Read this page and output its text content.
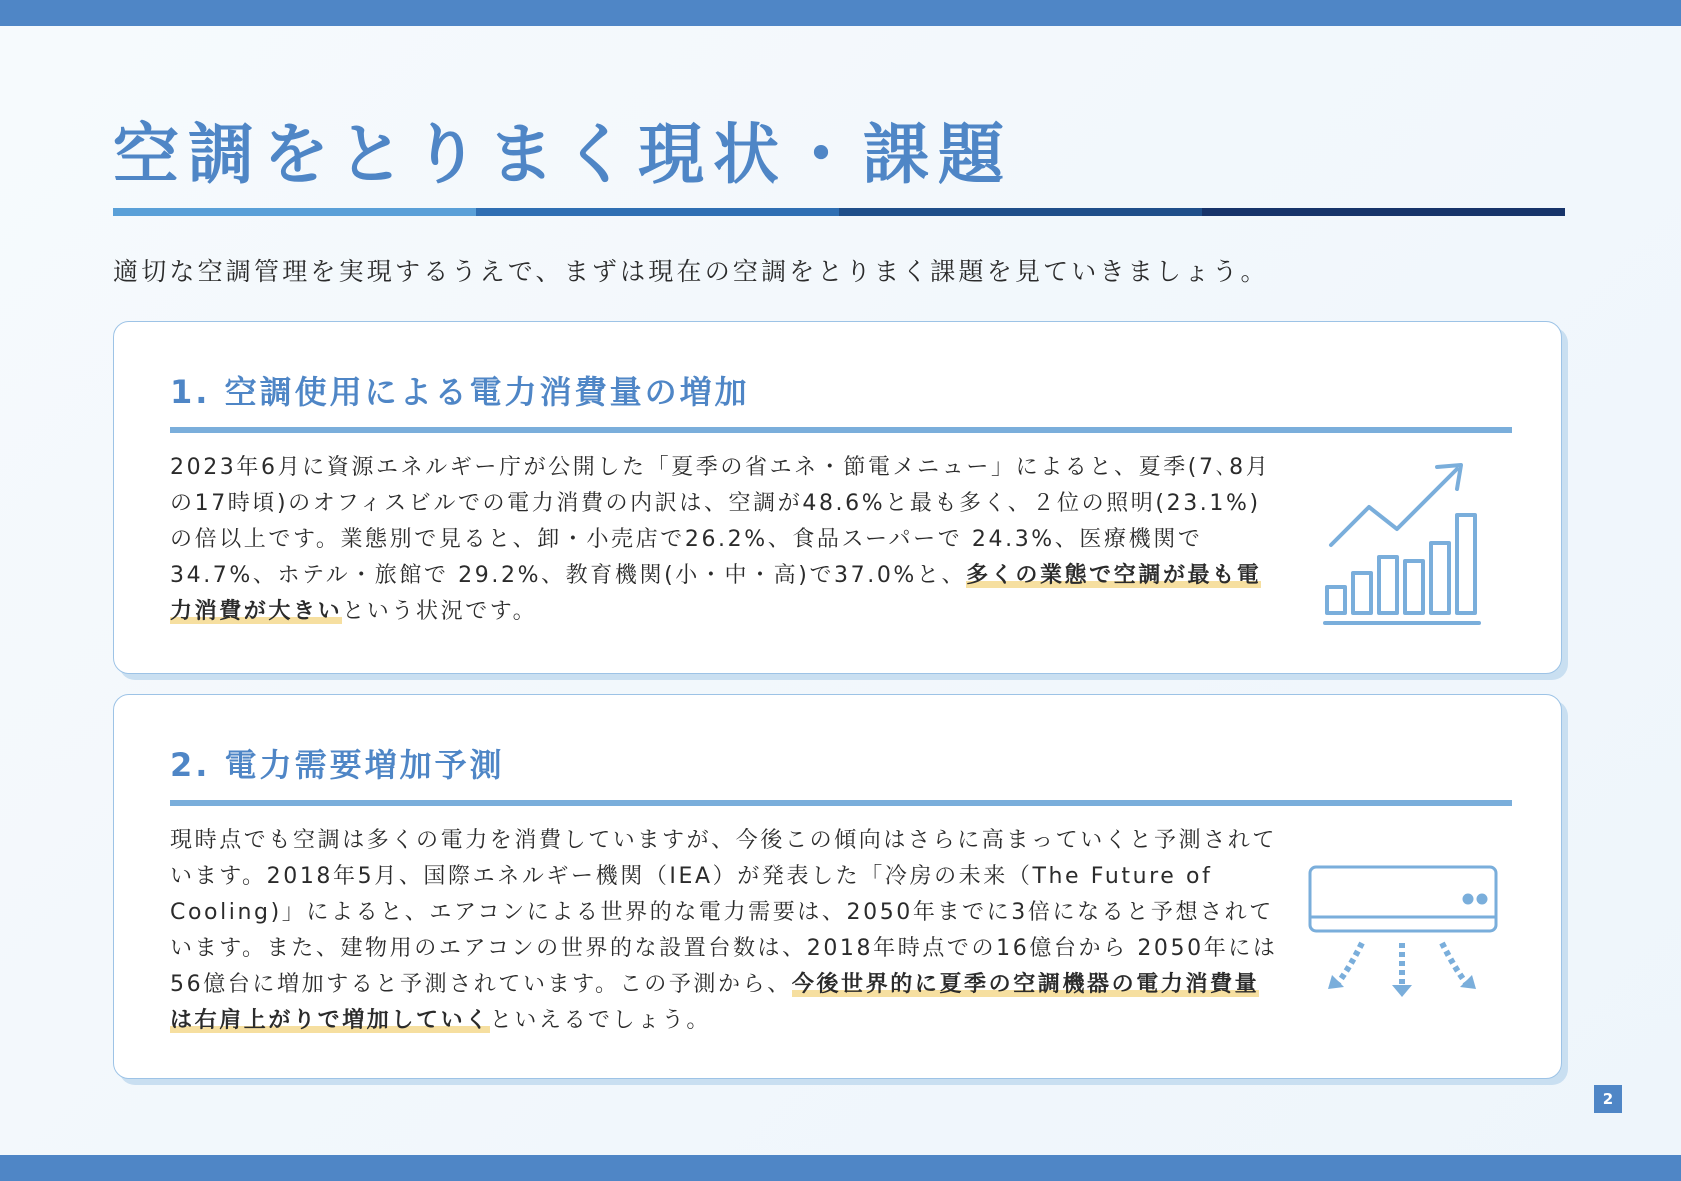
空調をとりまく現状・課題
適切な空調管理を実現するうえで、まずは現在の空調をとりまく課題を見ていきましょう。
1. 空調使用による電力消費量の増加

2023年6月に資源エネルギー庁が公開した「夏季の省エネ・節電メニュー」によると、夏季(7､8月の17時頃)のオフィスビルでの電力消費の内訳は、空調が48.6%と最も多く、２位の照明(23.1%)の倍以上です。業態別で見ると、卸・小売店で26.2%、食品スーパーで 24.3%、医療機関で 34.7%、ホテル・旅館で 29.2%、教育機関(小・中・高)で37.0%と、多くの業態で空調が最も電力消費が大きいという状況です。

2. 電力需要増加予測

現時点でも空調は多くの電力を消費していますが、今後この傾向はさらに高まっていくと予測されています。2018年5月、国際エネルギー機関（IEA）が発表した「冷房の未来（The Future of Cooling)」によると、エアコンによる世界的な電力需要は、2050年までに3倍になると予想されています。また、建物用のエアコンの世界的な設置台数は、2018年時点での16億台から 2050年には56億台に増加すると予測されています。この予測から、今後世界的に夏季の空調機器の電力消費量は右肩上がりで増加していくといえるでしょう。

2
